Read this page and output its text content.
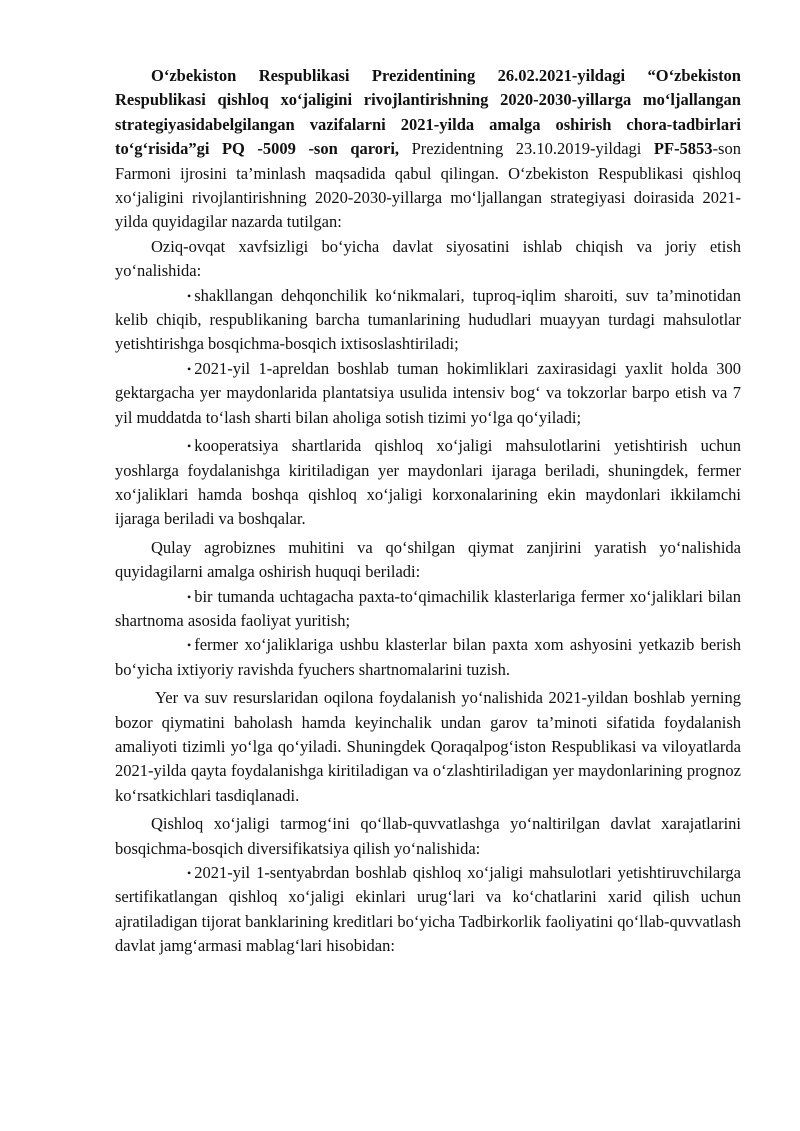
O‘zbekiston Respublikasi Prezidentining 26.02.2021-yildagi “O‘zbekiston Respublikasi qishloq xo‘jaligini rivojlantirishning 2020-2030-yillarga mo‘ljallangan strategiyasidabelgilangan vazifalarni 2021-yilda amalga oshirish chora-tadbirlari to‘g‘risida”gi PQ -5009 -son qarori, Prezidentning 23.10.2019-yildagi PF-5853-son Farmoni ijrosini ta’minlash maqsadida qabul qilingan. O‘zbekiston Respublikasi qishloq xo‘jaligini rivojlantirishning 2020-2030-yillarga mo‘ljallangan strategiyasi doirasida 2021-yilda quyidagilar nazarda tutilgan:

Oziq-ovqat xavfsizligi bo‘yicha davlat siyosatini ishlab chiqish va joriy etish yo‘nalishida:

• shakllangan dehqonchilik ko‘nikmalari, tuproq-iqlim sharoiti, suv ta’minotidan kelib chiqib, respublikaning barcha tumanlarining hududlari muayyan turdagi mahsulotlar yetishtirishga bosqichma-bosqich ixtisoslashtiriladi;

• 2021-yil 1-apreldan boshlab tuman hokimliklari zaxirasidagi yaxlit holda 300 gektargacha yer maydonlarida plantatsiya usulida intensiv bog‘ va tokzorlar barpo etish va 7 yil muddatda to‘lash sharti bilan aholiga sotish tizimi yo‘lga qo‘yiladi;

• kooperatsiya shartlarida qishloq xo‘jaligi mahsulotlarini yetishtirish uchun yoshlarga foydalanishga kiritiladigan yer maydonlari ijaraga beriladi, shuningdek, fermer xo‘jaliklari hamda boshqa qishloq xo‘jaligi korxonalarining ekin maydonlari ikkilamchi ijaraga beriladi va boshqalar.

Qulay agrobiznes muhitini va qo‘shilgan qiymat zanjirini yaratish yo‘nalishida quyidagilarni amalga oshirish huquqi beriladi:

• bir tumanda uchtagacha paxta-to‘qimachilik klasterlariga fermer xo‘jaliklari bilan shartnoma asosida faoliyat yuritish;

• fermer xo‘jaliklariga ushbu klasterlar bilan paxta xom ashyosini yetkazib berish bo‘yicha ixtiyoriy ravishda fyuchers shartnomalarini tuzish.

Yer va suv resurslaridan oqilona foydalanish yo‘nalishida 2021-yildan boshlab yerning bozor qiymatini baholash hamda keyinchalik undan garov ta’minoti sifatida foydalanish amaliyoti tizimli yo‘lga qo‘yiladi. Shuningdek Qoraqalpog‘iston Respublikasi va viloyatlarda 2021-yilda qayta foydalanishga kiritiladigan va o‘zlashtiriladigan yer maydonlarining prognoz ko‘rsatkichlari tasdiqlanadi.

Qishloq xo‘jaligi tarmog‘ini qo‘llab-quvvatlashga yo‘naltirilgan davlat xarajatlarini bosqichma-bosqich diversifikatsiya qilish yo‘nalishida:

• 2021-yil 1-sentyabrdan boshlab qishloq xo‘jaligi mahsulotlari yetishtiruvchilarga sertifikatlangan qishloq xo‘jaligi ekinlari urug‘lari va ko‘chatlarini xarid qilish uchun ajratiladigan tijorat banklarining kreditlari bo‘yicha Tadbirkorlik faoliyatini qo‘llab-quvvatlash davlat jamg‘armasi mablag‘lari hisobidan:
